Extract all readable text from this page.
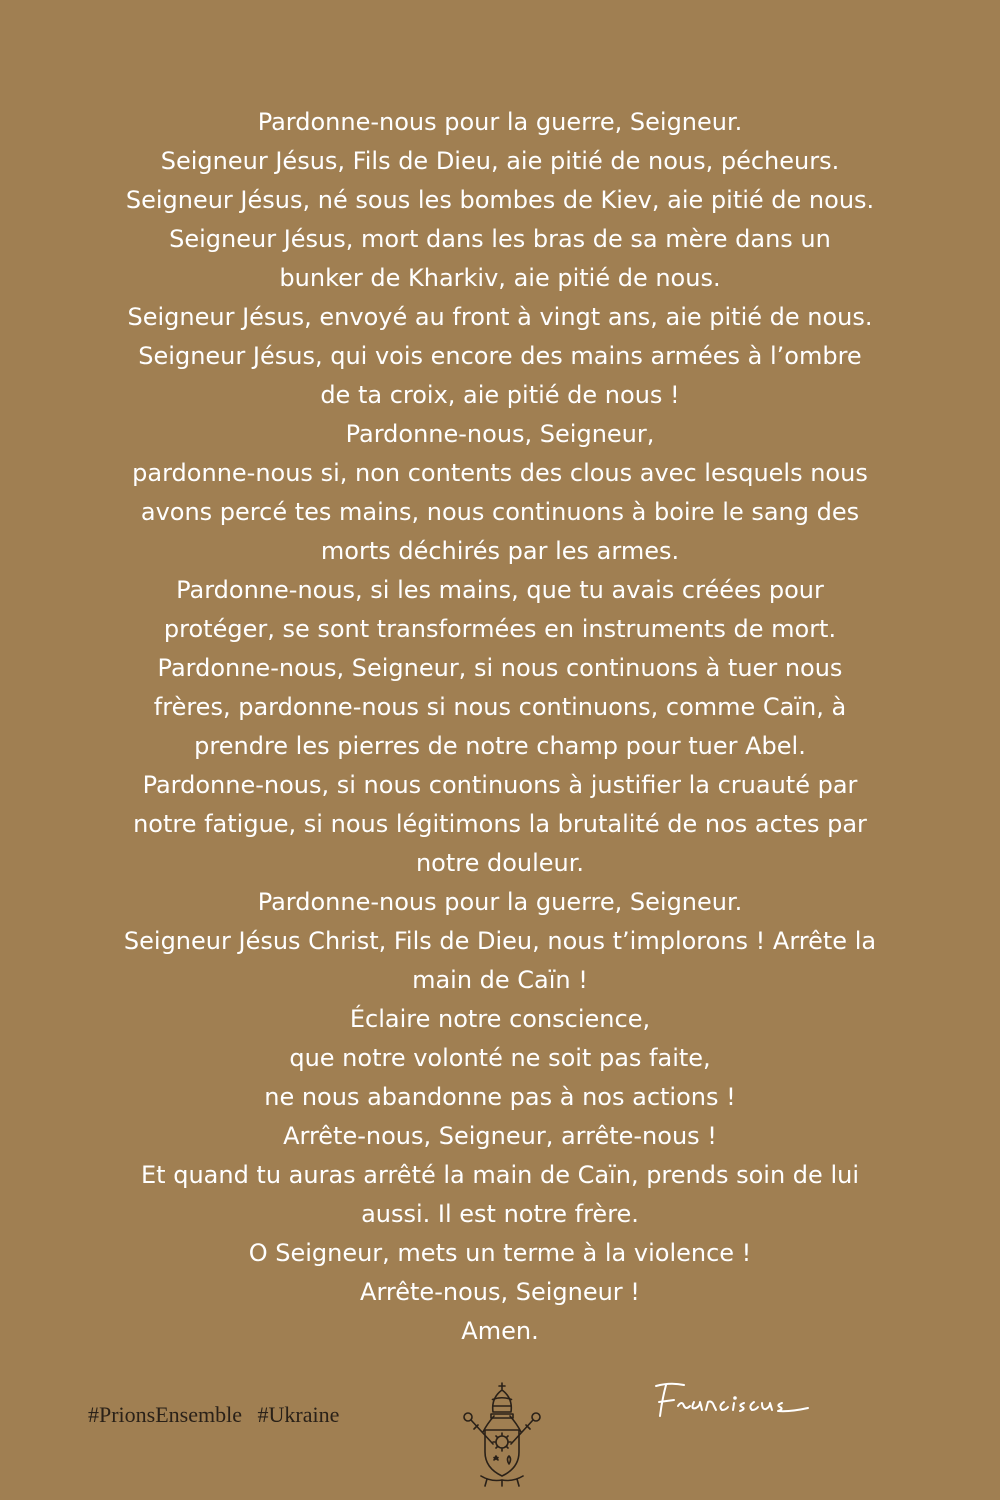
Pardonne-nous pour la guerre, Seigneur.
Seigneur Jésus, Fils de Dieu, aie pitié de nous, pécheurs.
Seigneur Jésus, né sous les bombes de Kiev, aie pitié de nous.
Seigneur Jésus, mort dans les bras de sa mère dans un
bunker de Kharkiv, aie pitié de nous.
Seigneur Jésus, envoyé au front à vingt ans, aie pitié de nous.
Seigneur Jésus, qui vois encore des mains armées à l’ombre
de ta croix, aie pitié de nous !
Pardonne-nous, Seigneur,
pardonne-nous si, non contents des clous avec lesquels nous
avons percé tes mains, nous continuons à boire le sang des
morts déchirés par les armes.
Pardonne-nous, si les mains, que tu avais créées pour
protéger, se sont transformées en instruments de mort.
Pardonne-nous, Seigneur, si nous continuons à tuer nous
frères, pardonne-nous si nous continuons, comme Caïn, à
prendre les pierres de notre champ pour tuer Abel.
Pardonne-nous, si nous continuons à justifier la cruauté par
notre fatigue, si nous légitimons la brutalité de nos actes par
notre douleur.
Pardonne-nous pour la guerre, Seigneur.
Seigneur Jésus Christ, Fils de Dieu, nous t’implorons ! Arrête la
main de Caïn !
Éclaire notre conscience,
que notre volonté ne soit pas faite,
ne nous abandonne pas à nos actions !
Arrête-nous, Seigneur, arrête-nous !
Et quand tu auras arrêté la main de Caïn, prends soin de lui
aussi. Il est notre frère.
O Seigneur, mets un terme à la violence !
Arrête-nous, Seigneur !
Amen.
#PrionsEnsemble #Ukraine
